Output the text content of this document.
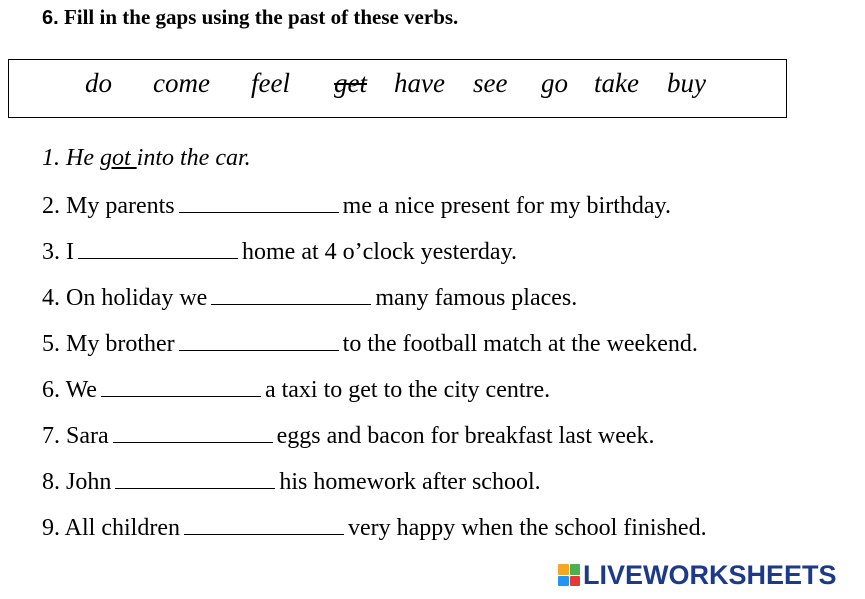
6. Fill in the gaps using the past of these verbs.
do come feel get have see go take buy
1. He got into the car.
2. My parents	me a nice present for my birthday.
3. I	home at 4 o’clock yesterday.
4. On holiday we	many famous places.
5. My brother	to the football match at the weekend.
6. We	a taxi to get to the city centre.
7. Sara	eggs and bacon for breakfast last week.
8. John	his homework after school.
9. All children	very happy when the school finished.
LIVEWORKSHEETS
